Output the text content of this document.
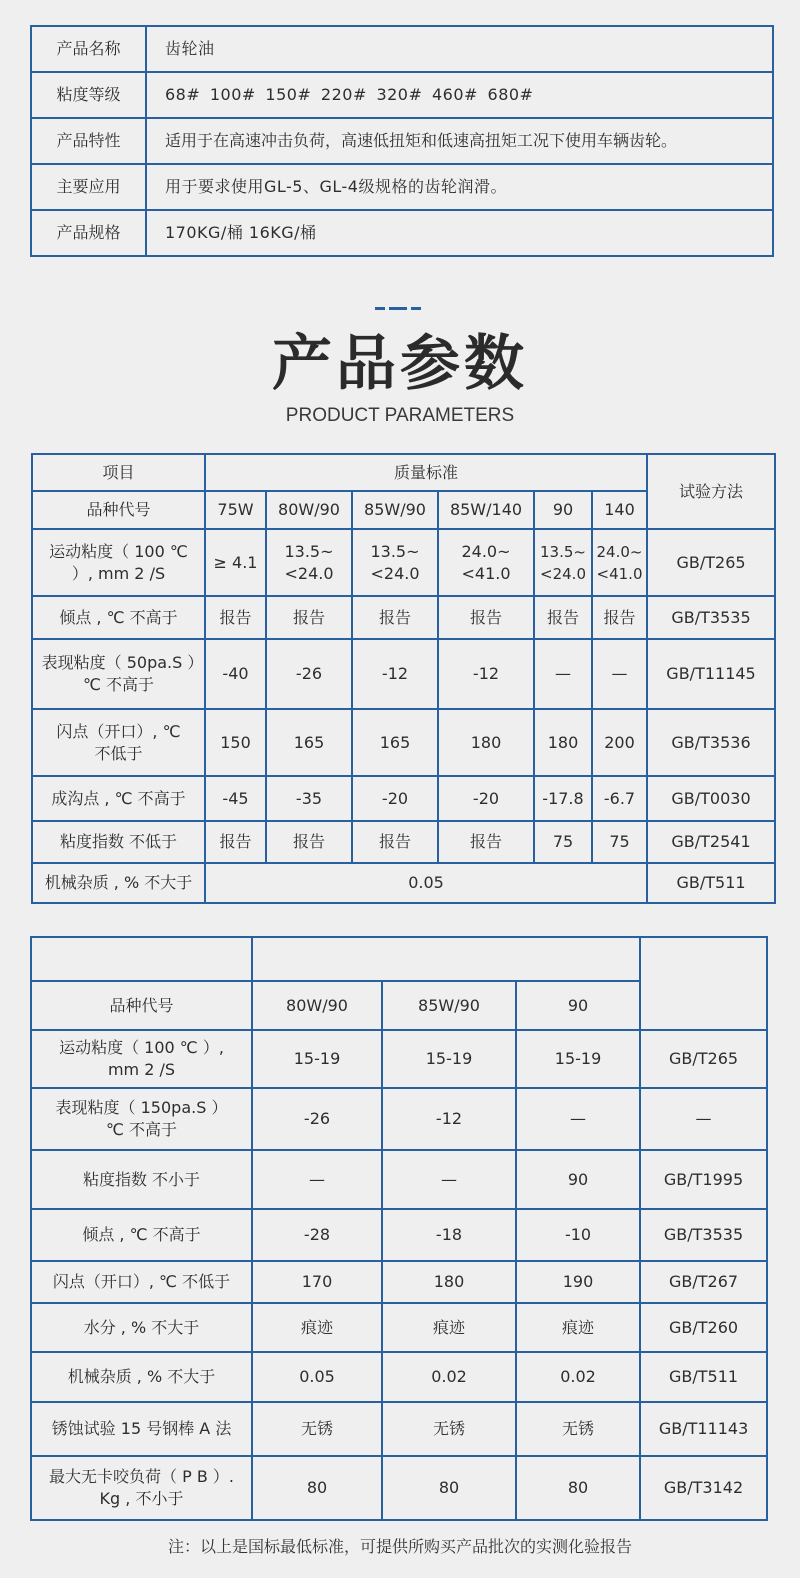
产品名称	齿轮油
粘度等级	68# 100# 150# 220# 320# 460# 680#
产品特性	适用于在高速冲击负荷，高速低扭矩和低速高扭矩工况下使用车辆齿轮。
主要应用	用于要求使用GL-5、GL-4级规格的齿轮润滑。
产品规格	170KG/桶 16KG/桶
产品参数
PRODUCT PARAMETERS
项目	质量标准						试验方法
品种代号	75W	80W/90	85W/90	85W/140	90	140	
运动粘度（ 100 ℃ ）, mm 2 /S	≥ 4.1	13.5~ <24.0	13.5~ <24.0	24.0~ <41.0	13.5~ <24.0	24.0~ <41.0	GB/T265
倾点 , ℃ 不高于	报告	报告	报告	报告	报告	报告	GB/T3535
表现粘度（ 50pa.S ）℃ 不高于	-40	-26	-12	-12	—	—	GB/T11145
闪点（开口）, ℃ 不低于	150	165	165	180	180	200	GB/T3536
成沟点 , ℃ 不高于	-45	-35	-20	-20	-17.8	-6.7	GB/T0030
粘度指数 不低于	报告	报告	报告	报告	75	75	GB/T2541
机械杂质 , % 不大于	0.05						GB/T511

品种代号	80W/90	85W/90	90	
运动粘度（ 100 ℃ ）, mm 2 /S	15-19	15-19	15-19	GB/T265
表现粘度（ 150pa.S ）℃ 不高于	-26	-12	—	—
粘度指数 不小于	—	—	90	GB/T1995
倾点 , ℃ 不高于	-28	-18	-10	GB/T3535
闪点（开口）, ℃ 不低于	170	180	190	GB/T267
水分 , % 不大于	痕迹	痕迹	痕迹	GB/T260
机械杂质 , % 不大于	0.05	0.02	0.02	GB/T511
锈蚀试验 15 号钢棒 A 法	无锈	无锈	无锈	GB/T11143
最大无卡咬负荷（ P B ）. Kg , 不小于	80	80	80	GB/T3142
注：以上是国标最低标准，可提供所购买产品批次的实测化验报告
